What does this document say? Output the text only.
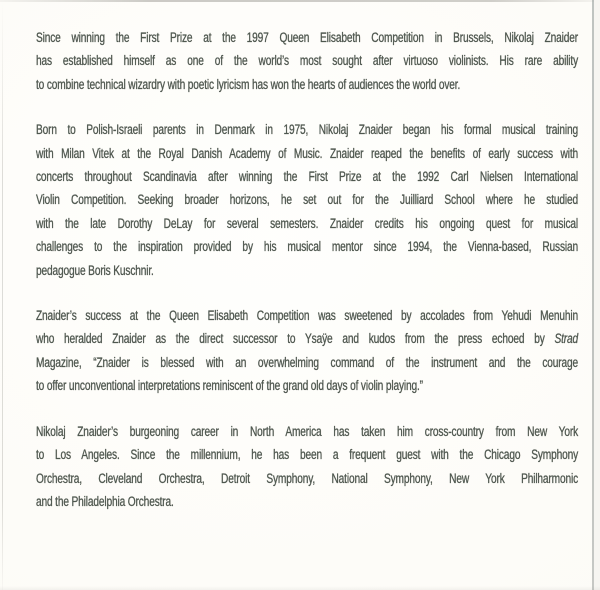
Since winning the First Prize at the 1997 Queen Elisabeth Competition in Brussels, Nikolaj Znaider
has established himself as one of the world’s most sought after virtuoso violinists. His rare ability
to combine technical wizardry with poetic lyricism has won the hearts of audiences the world over.
Born to Polish-Israeli parents in Denmark in 1975, Nikolaj Znaider began his formal musical training
with Milan Vitek at the Royal Danish Academy of Music. Znaider reaped the benefits of early success with
concerts throughout Scandinavia after winning the First Prize at the 1992 Carl Nielsen International
Violin Competition. Seeking broader horizons, he set out for the Juilliard School where he studied
with the late Dorothy DeLay for several semesters. Znaider credits his ongoing quest for musical
challenges to the inspiration provided by his musical mentor since 1994, the Vienna-based, Russian
pedagogue Boris Kuschnir.
Znaider’s success at the Queen Elisabeth Competition was sweetened by accolades from Yehudi Menuhin
who heralded Znaider as the direct successor to Ysaÿe and kudos from the press echoed by Strad
Magazine, “Znaider is blessed with an overwhelming command of the instrument and the courage
to offer unconventional interpretations reminiscent of the grand old days of violin playing.”
Nikolaj Znaider’s burgeoning career in North America has taken him cross-country from New York
to Los Angeles. Since the millennium, he has been a frequent guest with the Chicago Symphony
Orchestra, Cleveland Orchestra, Detroit Symphony, National Symphony, New York Philharmonic
and the Philadelphia Orchestra.
